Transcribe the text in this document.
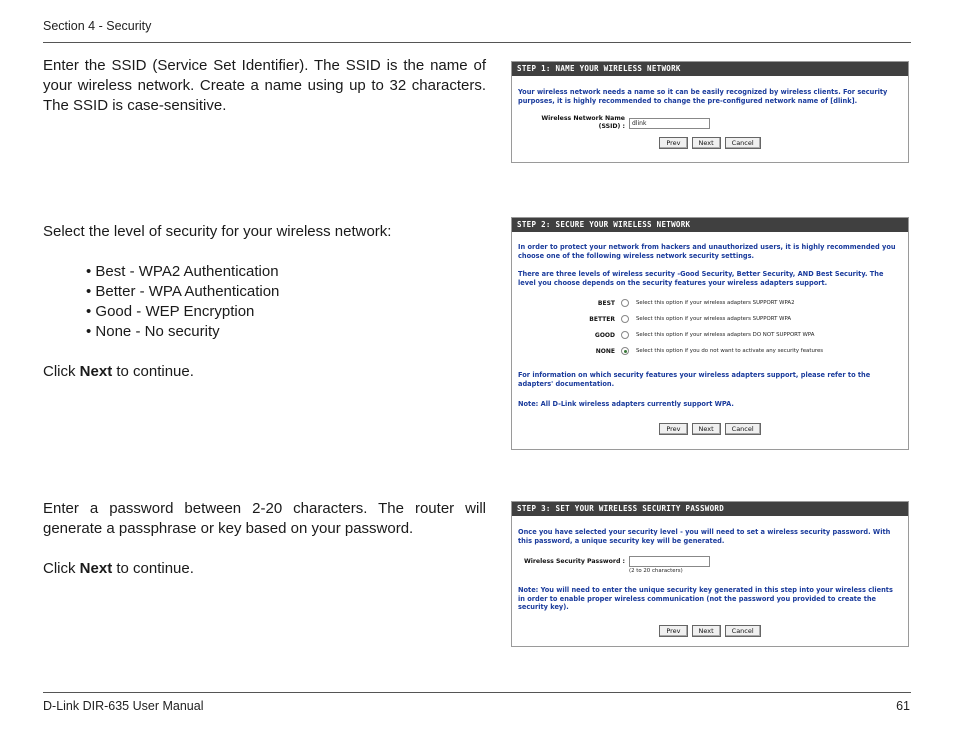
Section 4 - Security
Enter the SSID (Service Set Identifier). The SSID is the name of your wireless network. Create a name using up to 32 characters. The SSID is case-sensitive.
Select the level of security for your wireless network:
• Best - WPA2 Authentication
• Better - WPA Authentication
• Good - WEP Encryption
• None - No security
Click Next to continue.
Enter a password between 2-20 characters. The router will generate a passphrase or key based on your password.
Click Next to continue.
STEP 1: NAME YOUR WIRELESS NETWORK
Your wireless network needs a name so it can be easily recognized by wireless clients. For security purposes, it is highly recommended to change the pre-configured network name of [dlink].
Wireless Network Name
(SSID) :	dlink
Prev	Next	Cancel
STEP 2: SECURE YOUR WIRELESS NETWORK
In order to protect your network from hackers and unauthorized users, it is highly recommended you choose one of the following wireless network security settings.
There are three levels of wireless security -Good Security, Better Security, AND Best Security. The level you choose depends on the security features your wireless adapters support.
BEST	Select this option if your wireless adapters SUPPORT WPA2
BETTER	Select this option if your wireless adapters SUPPORT WPA
GOOD	Select this option if your wireless adapters DO NOT SUPPORT WPA
NONE	Select this option if you do not want to activate any security features
For information on which security features your wireless adapters support, please refer to the adapters' documentation.
Note: All D-Link wireless adapters currently support WPA.
Prev	Next	Cancel
STEP 3: SET YOUR WIRELESS SECURITY PASSWORD
Once you have selected your security level - you will need to set a wireless security password. With this password, a unique security key will be generated.
Wireless Security Password :
(2 to 20 characters)
Note: You will need to enter the unique security key generated in this step into your wireless clients in order to enable proper wireless communication (not the password you provided to create the security key).
Prev	Next	Cancel
D-Link DIR-635 User Manual	61
